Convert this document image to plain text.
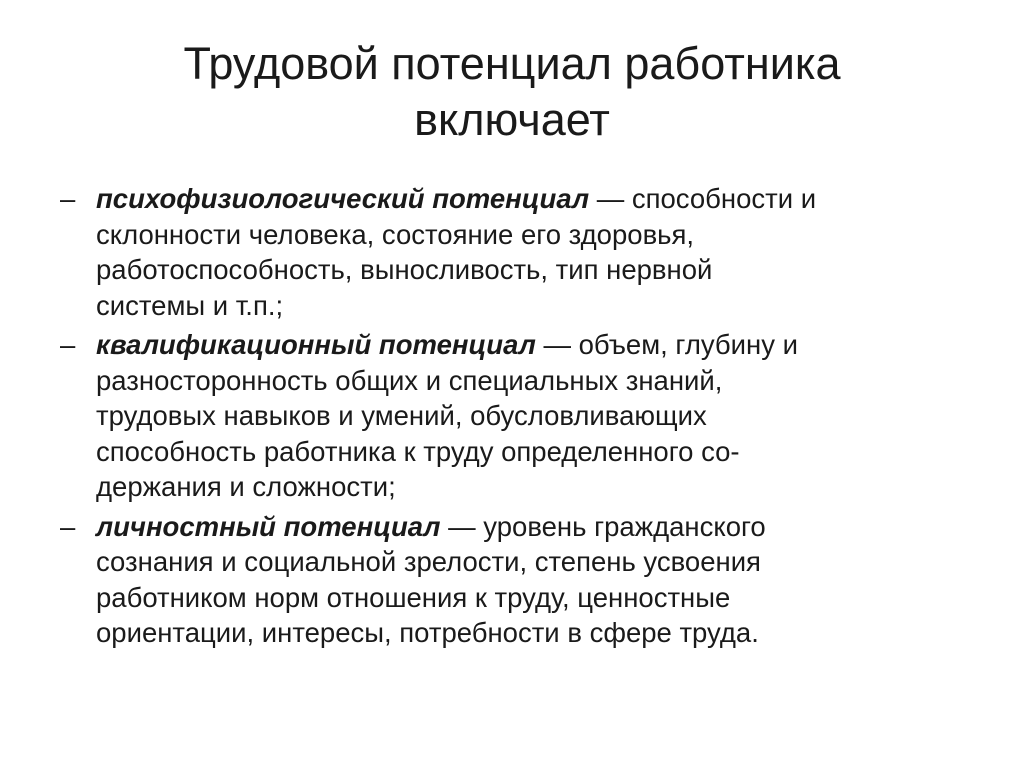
Трудовой потенциал работника
включает
– психофизиологический потенциал — способности и
склонности человека, состояние его здоровья,
работоспособность, выносливость, тип нервной
системы и т.п.;
– квалификационный потенциал — объем, глубину и
разносторонность общих и специальных знаний,
трудовых навыков и умений, обусловливающих
способность работника к труду определенного со-
держания и сложности;
– личностный потенциал — уровень гражданского
сознания и социальной зрелости, степень усвоения
работником норм отношения к труду, ценностные
ориентации, интересы, потребности в сфере труда.
